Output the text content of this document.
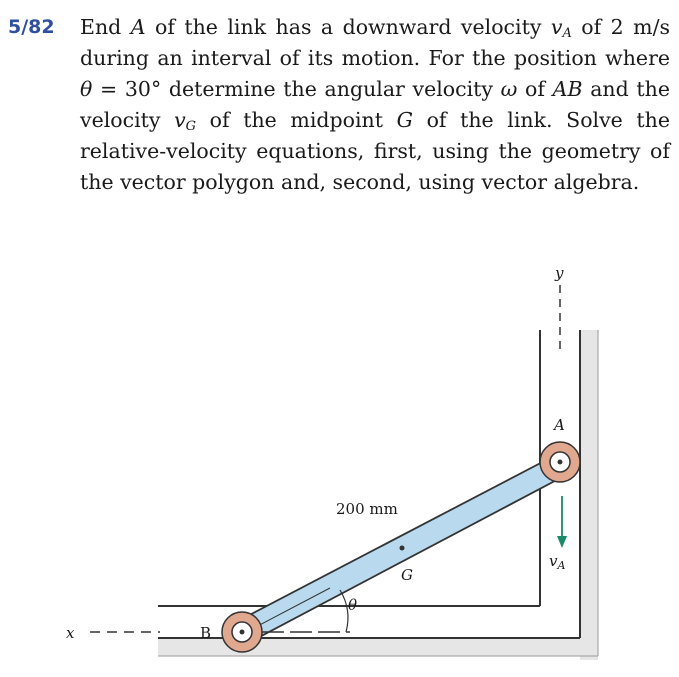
5/82 End A of the link has a downward velocity $v_A$ of 2 m/s during an interval of its motion. For the position where θ = 30° determine the angular velocity ω of AB and the velocity $v_G$ of the midpoint G of the link. Solve the relative-velocity equations, first, using the geometry of the vector polygon and, second, using vector algebra.

y
x
θ
B
A
G
200 mm
$v_A$
